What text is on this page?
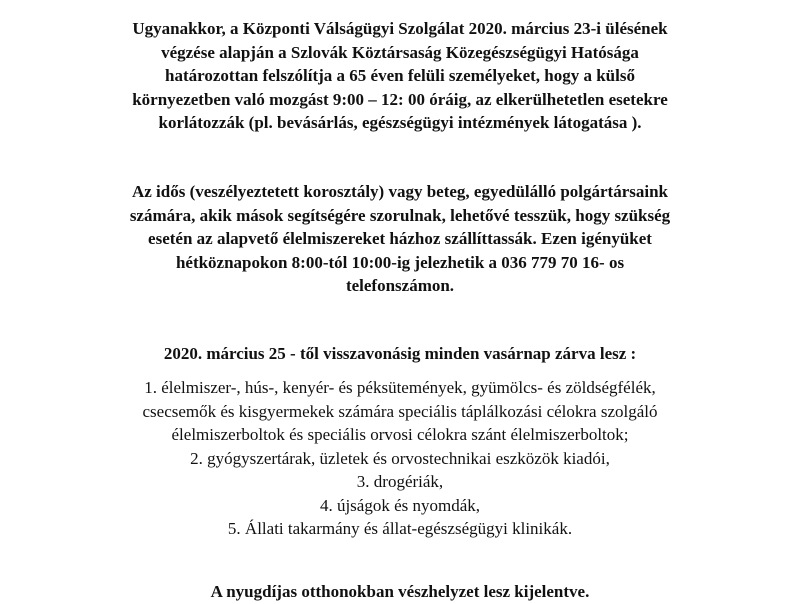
Ugyanakkor, a Központi Válságügyi Szolgálat 2020. március 23-i ülésének
végzése alapján a Szlovák Köztársaság Közegészségügyi Hatósága
határozottan felszólítja a 65 éven felüli személyeket, hogy a külső
környezetben való mozgást 9:00 – 12: 00 óráig, az elkerülhetetlen esetekre
korlátozzák (pl. bevásárlás, egészségügyi intézmények látogatása ).
Az idős (veszélyeztetett korosztály) vagy beteg, egyedülálló polgártársaink
számára, akik mások segítségére szorulnak, lehetővé tesszük, hogy szükség
esetén az alapvető élelmiszereket házhoz szállíttassák. Ezen igényüket
hétköznapokon 8:00-tól 10:00-ig jelezhetik a 036 779 70 16- os
telefonszámon.
2020. március 25 - től visszavonásig minden vasárnap zárva lesz :
1. élelmiszer-, hús-, kenyér- és péksütemények, gyümölcs- és zöldségfélék,
csecsemők és kisgyermekek számára speciális táplálkozási célokra szolgáló
élelmiszerboltok és speciális orvosi célokra szánt élelmiszerboltok;
2. gyógyszertárak, üzletek és orvostechnikai eszközök kiadói,
3. drogériák,
4. újságok és nyomdák,
5. Állati takarmány és állat-egészségügyi klinikák.
A nyugdíjas otthonokban vészhelyzet lesz kijelentve.
